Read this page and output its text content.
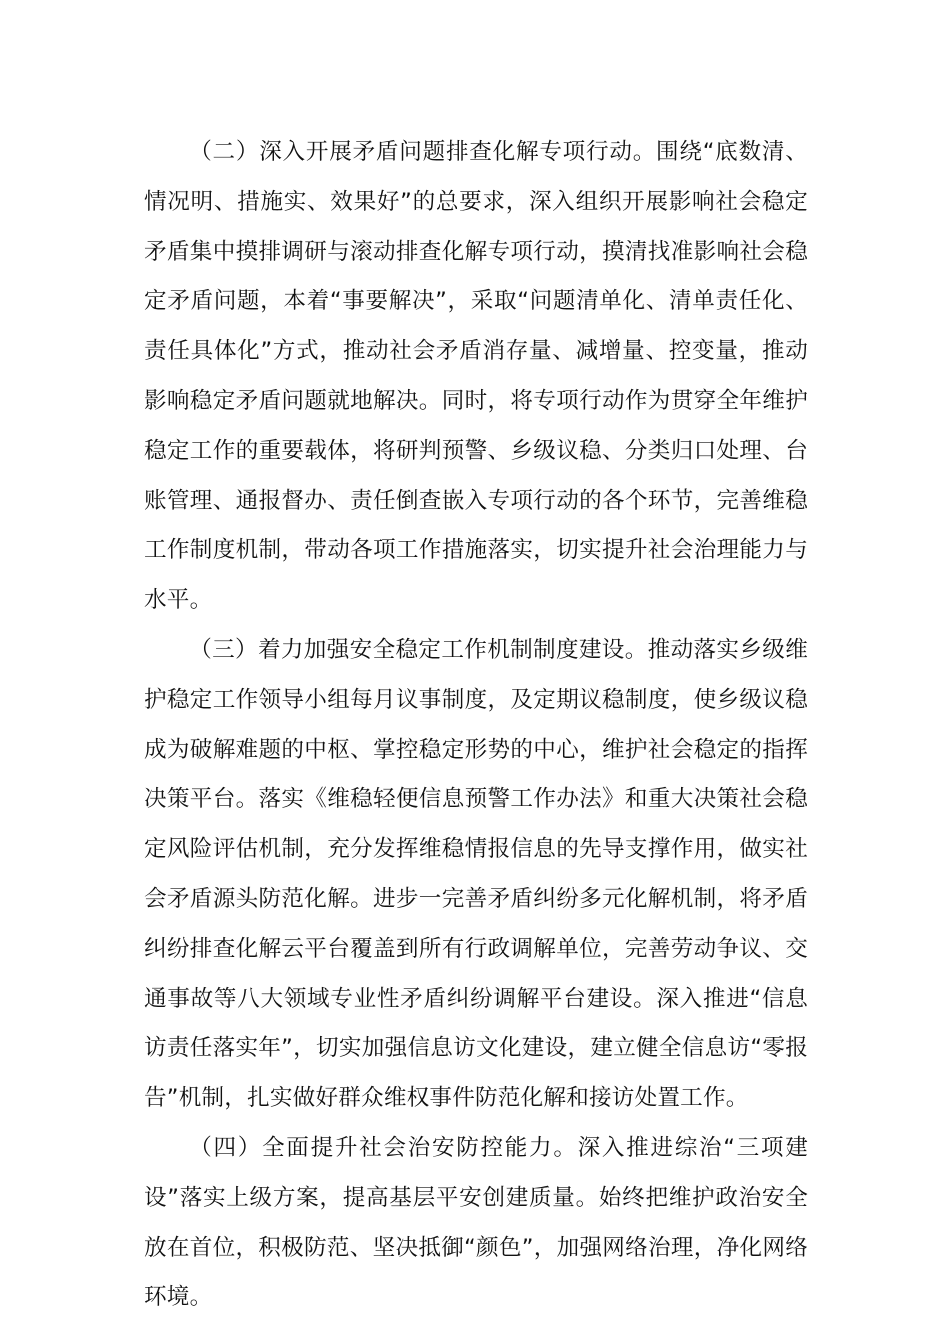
（二）深入开展矛盾问题排查化解专项行动。围绕“底数清、情况明、措施实、效果好”的总要求，深入组织开展影响社会稳定矛盾集中摸排调研与滚动排查化解专项行动，摸清找准影响社会稳定矛盾问题，本着“事要解决”，采取“问题清单化、清单责任化、责任具体化”方式，推动社会矛盾消存量、减增量、控变量，推动影响稳定矛盾问题就地解决。同时，将专项行动作为贯穿全年维护稳定工作的重要载体，将研判预警、乡级议稳、分类归口处理、台账管理、通报督办、责任倒查嵌入专项行动的各个环节，完善维稳工作制度机制，带动各项工作措施落实，切实提升社会治理能力与水平。

（三）着力加强安全稳定工作机制制度建设。推动落实乡级维护稳定工作领导小组每月议事制度，及定期议稳制度，使乡级议稳成为破解难题的中枢、掌控稳定形势的中心，维护社会稳定的指挥决策平台。落实《维稳轻便信息预警工作办法》和重大决策社会稳定风险评估机制，充分发挥维稳情报信息的先导支撑作用，做实社会矛盾源头防范化解。进步一完善矛盾纠纷多元化解机制，将矛盾纠纷排查化解云平台覆盖到所有行政调解单位，完善劳动争议、交通事故等八大领域专业性矛盾纠纷调解平台建设。深入推进“信息访责任落实年”，切实加强信息访文化建设，建立健全信息访“零报告”机制，扎实做好群众维权事件防范化解和接访处置工作。

（四）全面提升社会治安防控能力。深入推进综治“三项建设”落实上级方案，提高基层平安创建质量。始终把维护政治安全放在首位，积极防范、坚决抵御“颜色”，加强网络治理，净化网络环境。
